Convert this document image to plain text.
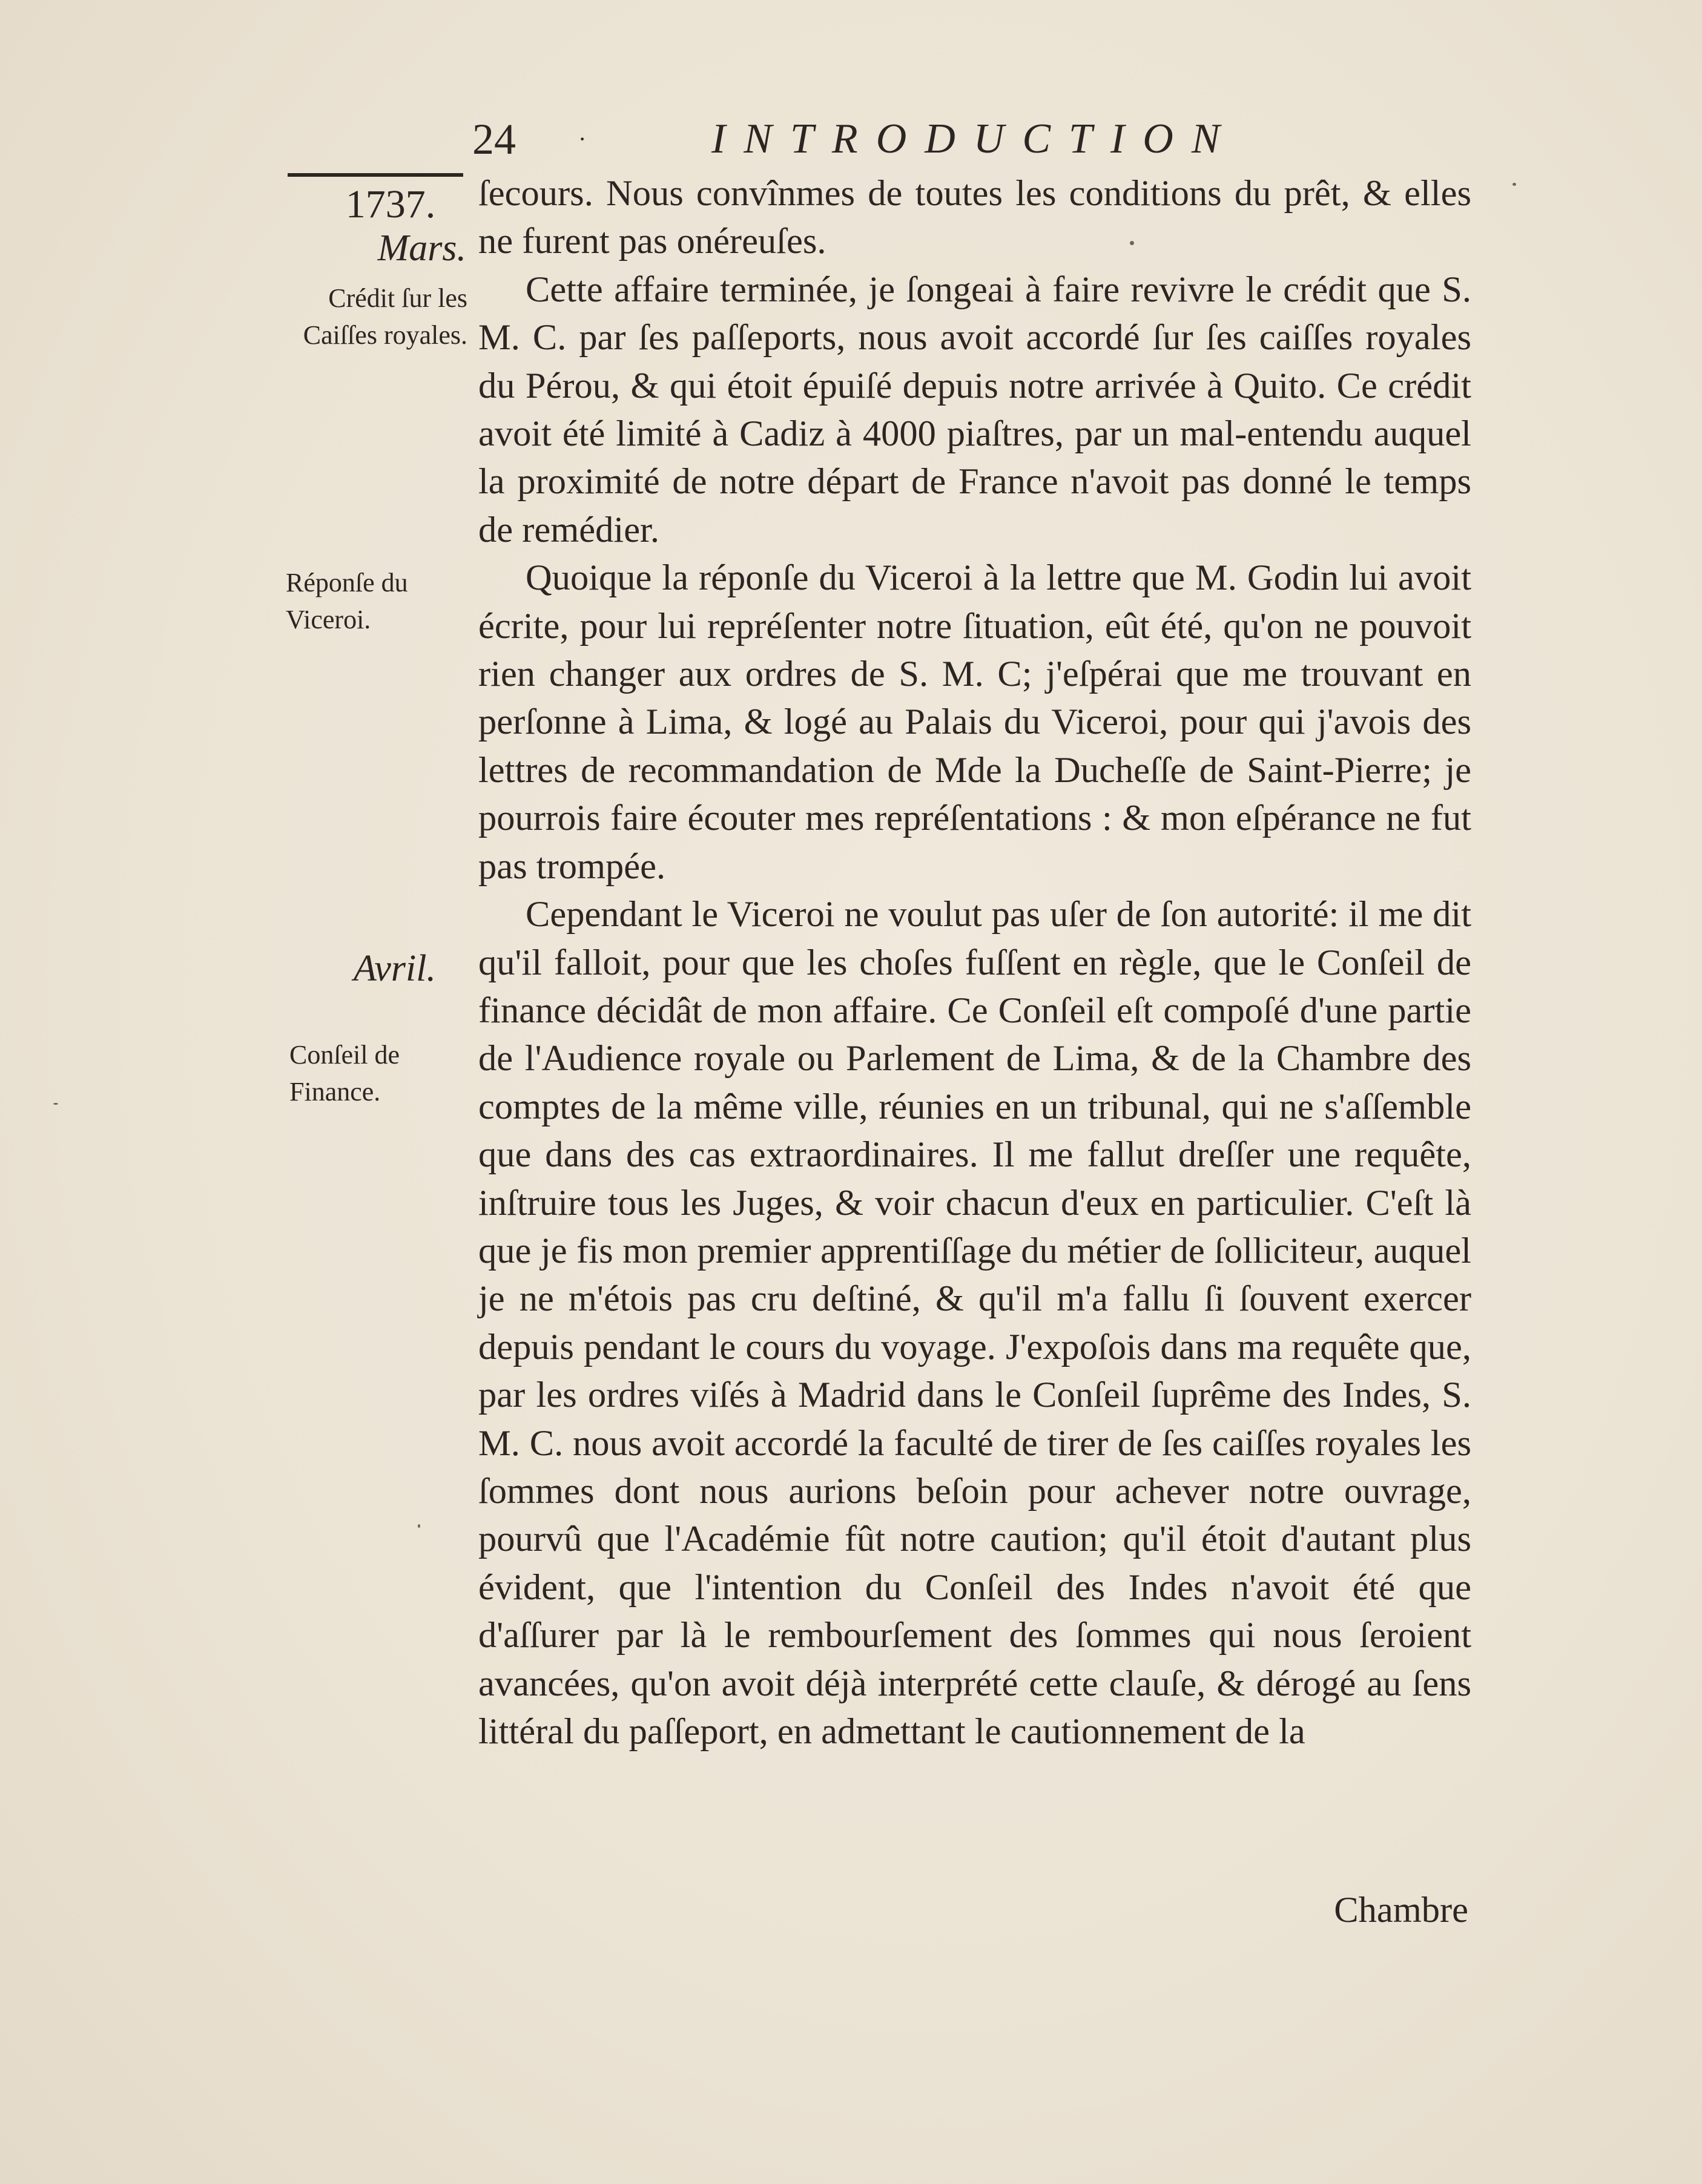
24	·	INTRODUCTION
1737.
Mars.
Crédit ſur les Caiſſes royales.
Réponſe du Viceroi.
Avril.
Conſeil de Finance.

ſecours. Nous convînmes de toutes les conditions du prêt, & elles ne furent pas onéreuſes.

Cette affaire terminée, je ſongeai à faire revivre le crédit que S. M. C. par ſes paſſeports, nous avoit accordé ſur ſes caiſſes royales du Pérou, & qui étoit épuiſé depuis notre arrivée à Quito. Ce crédit avoit été limité à Cadiz à 4000 piaſtres, par un mal-entendu auquel la proximité de notre départ de France n'avoit pas donné le temps de remédier.

Quoique la réponſe du Viceroi à la lettre que M. Godin lui avoit écrite, pour lui repréſenter notre ſituation, eût été, qu'on ne pouvoit rien changer aux ordres de S. M. C; j'eſpérai que me trouvant en perſonne à Lima, & logé au Palais du Viceroi, pour qui j'avois des lettres de recommandation de Mde la Ducheſſe de Saint-Pierre; je pourrois faire écouter mes repréſentations : & mon eſpérance ne fut pas trompée.

Cependant le Viceroi ne voulut pas uſer de ſon autorité: il me dit qu'il falloit, pour que les choſes fuſſent en règle, que le Conſeil de finance décidât de mon affaire. Ce Conſeil eſt compoſé d'une partie de l'Audience royale ou Parlement de Lima, & de la Chambre des comptes de la même ville, réunies en un tribunal, qui ne s'aſſemble que dans des cas extraordinaires. Il me fallut dreſſer une requête, inſtruire tous les Juges, & voir chacun d'eux en particulier. C'eſt là que je fis mon premier apprentiſſage du métier de ſolliciteur, auquel je ne m'étois pas cru deſtiné, & qu'il m'a fallu ſi ſouvent exercer depuis pendant le cours du voyage. J'expoſois dans ma requête que, par les ordres viſés à Madrid dans le Conſeil ſuprême des Indes, S. M. C. nous avoit accordé la faculté de tirer de ſes caiſſes royales les ſommes dont nous aurions beſoin pour achever notre ouvrage, pourvû que l'Académie fût notre caution; qu'il étoit d'autant plus évident, que l'intention du Conſeil des Indes n'avoit été que d'aſſurer par là le rembourſement des ſommes qui nous ſeroient avancées, qu'on avoit déjà interprété cette clauſe, & dérogé au ſens littéral du paſſeport, en admettant le cautionnement de la

Chambre
